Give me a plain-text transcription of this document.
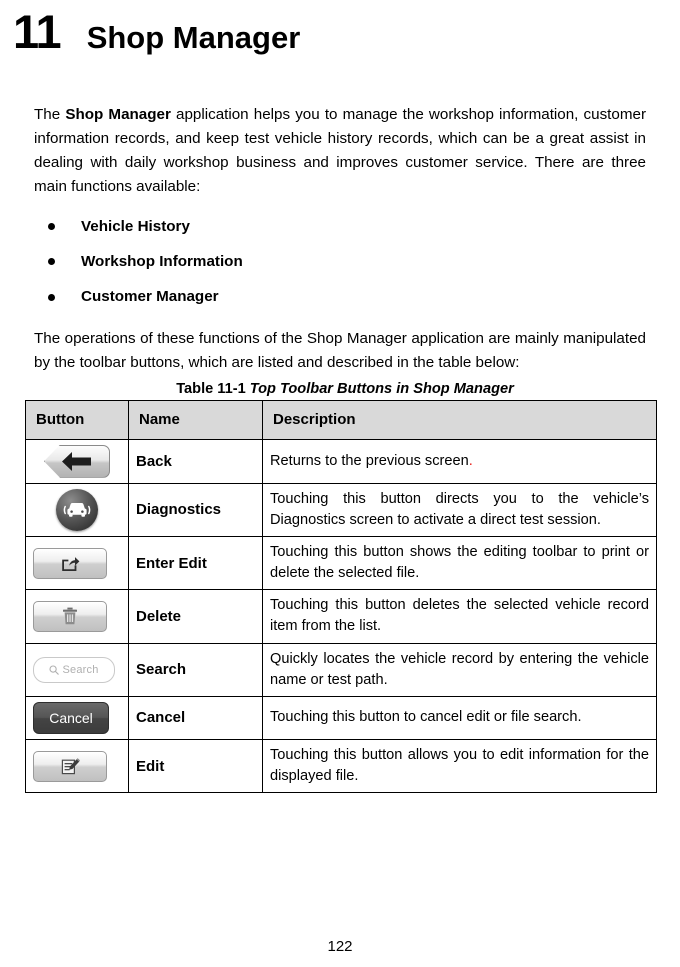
11 Shop Manager

The Shop Manager application helps you to manage the workshop information, customer information records, and keep test vehicle history records, which can be a great assist in dealing with daily workshop business and improves customer service. There are three main functions available:

Vehicle History
Workshop Information
Customer Manager

The operations of these functions of the Shop Manager application are mainly manipulated by the toolbar buttons, which are listed and described in the table below:

Table 11-1 Top Toolbar Buttons in Shop Manager
Button	Name	Description

	Back	Returns to the previous screen.

	Diagnostics	Touching this button directs you to the vehicle’s Diagnostics screen to activate a direct test session.

	Enter Edit	Touching this button shows the editing toolbar to print or delete the selected file.

	Delete	Touching this button deletes the selected vehicle record item from the list.

Search	Search	Quickly locates the vehicle record by entering the vehicle name or test path.

Cancel	Cancel	Touching this button to cancel edit or file search.

	Edit	Touching this button allows you to edit information for the displayed file.
122
